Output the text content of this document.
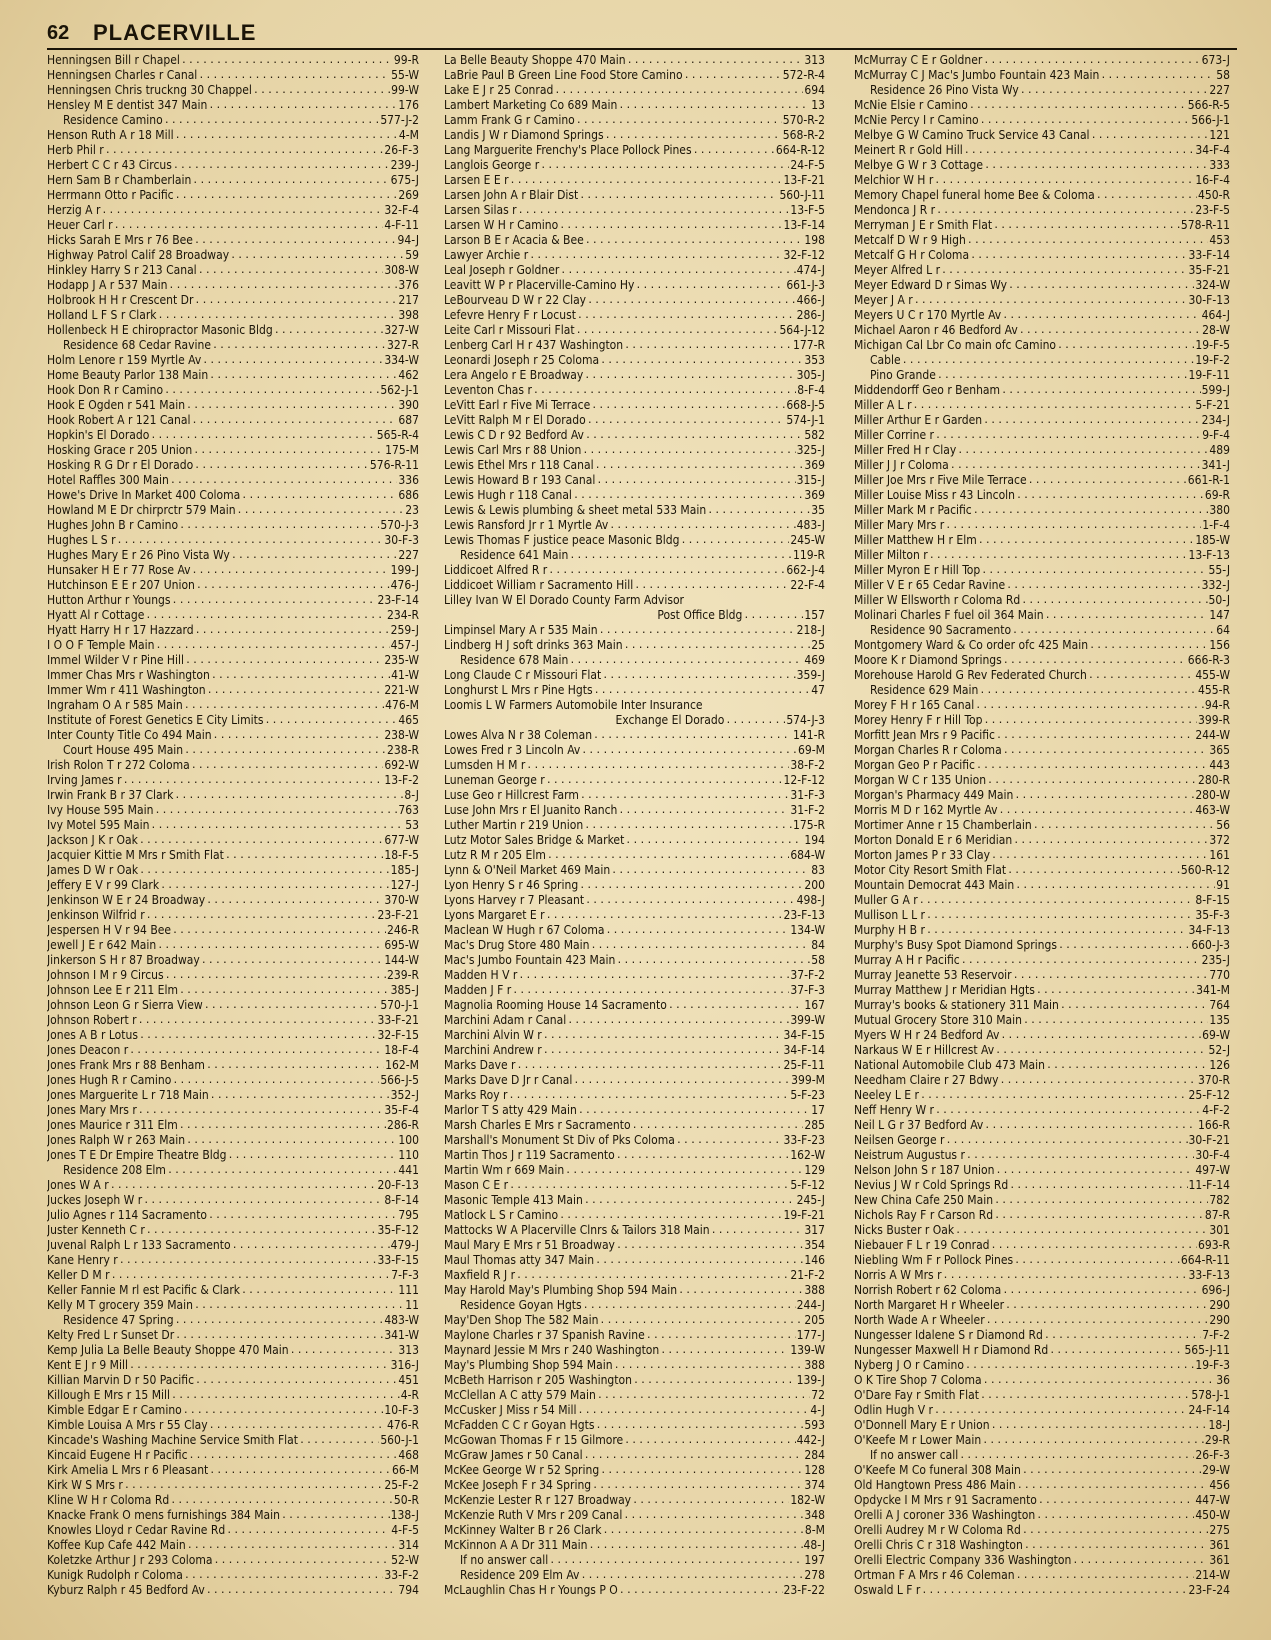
62 PLACERVILLE
Henningsen Bill r Chapel .....	99-R
Henningsen Charles r Canal .....	55-W
Henningsen Chris truckng 30 Chappel .....	99-W
Hensley M E dentist 347 Main .....	176
Residence Camino .....	577-J-2
Henson Ruth A r 18 Mill .....	4-M
Herb Phil r .....	26-F-3
Herbert C C r 43 Circus .....	239-J
Hern Sam B r Chamberlain .....	675-J
Herrmann Otto r Pacific .....	269
Herzig A r .....	32-F-4
Heuer Carl r .....	4-F-11
Hicks Sarah E Mrs r 76 Bee .....	94-J
Highway Patrol Calif 28 Broadway .....	59
Hinkley Harry S r 213 Canal .....	308-W
Hodapp J A r 537 Main .....	376
Holbrook H H r Crescent Dr .....	217
Holland L F S r Clark .....	398
Hollenbeck H E chiropractor Masonic Bldg .....	327-W
Residence 68 Cedar Ravine .....	327-R
Holm Lenore r 159 Myrtle Av .....	334-W
Home Beauty Parlor 138 Main .....	462
Hook Don R r Camino .....	562-J-1
Hook E Ogden r 541 Main .....	390
Hook Robert A r 121 Canal .....	687
Hopkin's El Dorado .....	565-R-4
Hosking Grace r 205 Union .....	175-M
Hosking R G Dr r El Dorado .....	576-R-11
Hotel Raffles 300 Main .....	336
Howe's Drive In Market 400 Coloma .....	686
Howland M E Dr chirprctr 579 Main .....	23
Hughes John B r Camino .....	570-J-3
Hughes L S r .....	30-F-3
Hughes Mary E r 26 Pino Vista Wy .....	227
Hunsaker H E r 77 Rose Av .....	199-J
Hutchinson E E r 207 Union .....	476-J
Hutton Arthur r Youngs .....	23-F-14
Hyatt Al r Cottage .....	234-R
Hyatt Harry H r 17 Hazzard .....	259-J
I O O F Temple Main .....	457-J
Immel Wilder V r Pine Hill .....	235-W
Immer Chas Mrs r Washington .....	41-W
Immer Wm r 411 Washington .....	221-W
Ingraham O A r 585 Main .....	476-M
Institute of Forest Genetics E City Limits .....	465
Inter County Title Co 494 Main .....	238-W
Court House 495 Main .....	238-R
Irish Rolon T r 272 Coloma .....	692-W
Irving James r .....	13-F-2
Irwin Frank B r 37 Clark .....	8-J
Ivy House 595 Main .....	763
Ivy Motel 595 Main .....	53
Jackson J K r Oak .....	677-W
Jacquier Kittie M Mrs r Smith Flat .....	18-F-5
James D W r Oak .....	185-J
Jeffery E V r 99 Clark .....	127-J
Jenkinson W E r 24 Broadway .....	370-W
Jenkinson Wilfrid r .....	23-F-21
Jespersen H V r 94 Bee .....	246-R
Jewell J E r 642 Main .....	695-W
Jinkerson S H r 87 Broadway .....	144-W
Johnson I M r 9 Circus .....	239-R
Johnson Lee E r 211 Elm .....	385-J
Johnson Leon G r Sierra View .....	570-J-1
Johnson Robert r .....	33-F-21
Jones A B r Lotus .....	32-F-15
Jones Deacon r .....	18-F-4
Jones Frank Mrs r 88 Benham .....	162-M
Jones Hugh R r Camino .....	566-J-5
Jones Marguerite L r 718 Main .....	352-J
Jones Mary Mrs r .....	35-F-4
Jones Maurice r 311 Elm .....	286-R
Jones Ralph W r 263 Main .....	100
Jones T E Dr Empire Theatre Bldg .....	110
Residence 208 Elm .....	441
Jones W A r .....	20-F-13
Juckes Joseph W r .....	8-F-14
Julio Agnes r 114 Sacramento .....	795
Juster Kenneth C r .....	35-F-12
Juvenal Ralph L r 133 Sacramento .....	479-J
Kane Henry r .....	33-F-15
Keller D M r .....	7-F-3
Keller Fannie M rl est Pacific & Clark .....	111
Kelly M T grocery 359 Main .....	11
Residence 47 Spring .....	483-W
Kelty Fred L r Sunset Dr .....	341-W
Kemp Julia La Belle Beauty Shoppe 470 Main .....	313
Kent E J r 9 Mill .....	316-J
Killian Marvin D r 50 Pacific .....	451
Killough E Mrs r 15 Mill .....	4-R
Kimble Edgar E r Camino .....	10-F-3
Kimble Louisa A Mrs r 55 Clay .....	476-R
Kincade's Washing Machine Service Smith Flat .....	560-J-1
Kincaid Eugene H r Pacific .....	468
Kirk Amelia L Mrs r 6 Pleasant .....	66-M
Kirk W S Mrs r .....	25-F-2
Kline W H r Coloma Rd .....	50-R
Knacke Frank O mens furnishings 384 Main .....	138-J
Knowles Lloyd r Cedar Ravine Rd .....	4-F-5
Koffee Kup Cafe 442 Main .....	314
Koletzke Arthur J r 293 Coloma .....	52-W
Kunigk Rudolph r Coloma .....	33-F-2
Kyburz Ralph r 45 Bedford Av .....	794
La Belle Beauty Shoppe 470 Main .....	313
LaBrie Paul B Green Line Food Store Camino .....	572-R-4
Lake E J r 25 Conrad .....	694
Lambert Marketing Co 689 Main .....	13
Lamm Frank G r Camino .....	570-R-2
Landis J W r Diamond Springs .....	568-R-2
Lang Marguerite Frenchy's Place Pollock Pines .....	664-R-12
Langlois George r .....	24-F-5
Larsen E E r .....	13-F-21
Larsen John A r Blair Dist .....	560-J-11
Larsen Silas r .....	13-F-5
Larsen W H r Camino .....	13-F-14
Larson B E r Acacia & Bee .....	198
Lawyer Archie r .....	32-F-12
Leal Joseph r Goldner .....	474-J
Leavitt W P r Placerville-Camino Hy .....	661-J-3
LeBourveau D W r 22 Clay .....	466-J
Lefevre Henry F r Locust .....	286-J
Leite Carl r Missouri Flat .....	564-J-12
Lenberg Carl H r 437 Washington .....	177-R
Leonardi Joseph r 25 Coloma .....	353
Lera Angelo r E Broadway .....	305-J
Leventon Chas r .....	8-F-4
LeVitt Earl r Five Mi Terrace .....	668-J-5
LeVitt Ralph M r El Dorado .....	574-J-1
Lewis C D r 92 Bedford Av .....	582
Lewis Carl Mrs r 88 Union .....	325-J
Lewis Ethel Mrs r 118 Canal .....	369
Lewis Howard B r 193 Canal .....	315-J
Lewis Hugh r 118 Canal .....	369
Lewis & Lewis plumbing & sheet metal 533 Main .....	35
Lewis Ransford Jr r 1 Myrtle Av .....	483-J
Lewis Thomas F justice peace Masonic Bldg .....	245-W
Residence 641 Main .....	119-R
Liddicoet Alfred R r .....	662-J-4
Liddicoet William r Sacramento Hill .....	22-F-4
Lilley Ivan W El Dorado County Farm Advisor
Post Office Bldg .....	157
Limpinsel Mary A r 535 Main .....	218-J
Lindberg H J soft drinks 363 Main .....	25
Residence 678 Main .....	469
Long Claude C r Missouri Flat .....	359-J
Longhurst L Mrs r Pine Hgts .....	47
Loomis L W Farmers Automobile Inter Insurance
Exchange El Dorado .....	574-J-3
Lowes Alva N r 38 Coleman .....	141-R
Lowes Fred r 3 Lincoln Av .....	69-M
Lumsden H M r .....	38-F-2
Luneman George r .....	12-F-12
Luse Geo r Hillcrest Farm .....	31-F-3
Luse John Mrs r El Juanito Ranch .....	31-F-2
Luther Martin r 219 Union .....	175-R
Lutz Motor Sales Bridge & Market .....	194
Lutz R M r 205 Elm .....	684-W
Lynn & O'Neil Market 469 Main .....	83
Lyon Henry S r 46 Spring .....	200
Lyons Harvey r 7 Pleasant .....	498-J
Lyons Margaret E r .....	23-F-13
Maclean W Hugh r 67 Coloma .....	134-W
Mac's Drug Store 480 Main .....	84
Mac's Jumbo Fountain 423 Main .....	58
Madden H V r .....	37-F-2
Madden J F r .....	37-F-3
Magnolia Rooming House 14 Sacramento .....	167
Marchini Adam r Canal .....	399-W
Marchini Alvin W r .....	34-F-15
Marchini Andrew r .....	34-F-14
Marks Dave r .....	25-F-11
Marks Dave D Jr r Canal .....	399-M
Marks Roy r .....	5-F-23
Marlor T S atty 429 Main .....	17
Marsh Charles E Mrs r Sacramento .....	285
Marshall's Monument St Div of Pks Coloma .....	33-F-23
Martin Thos J r 119 Sacramento .....	162-W
Martin Wm r 669 Main .....	129
Mason C E r .....	5-F-12
Masonic Temple 413 Main .....	245-J
Matlock L S r Camino .....	19-F-21
Mattocks W A Placerville Clnrs & Tailors 318 Main .....	317
Maul Mary E Mrs r 51 Broadway .....	354
Maul Thomas atty 347 Main .....	146
Maxfield R J r .....	21-F-2
May Harold May's Plumbing Shop 594 Main .....	388
Residence Goyan Hgts .....	244-J
May'Den Shop The 582 Main .....	205
Maylone Charles r 37 Spanish Ravine .....	177-J
Maynard Jessie M Mrs r 240 Washington .....	139-W
May's Plumbing Shop 594 Main .....	388
McBeth Harrison r 205 Washington .....	139-J
McClellan A C atty 579 Main .....	72
McCusker J Miss r 54 Mill .....	4-J
McFadden C C r Goyan Hgts .....	593
McGowan Thomas F r 15 Gilmore .....	442-J
McGraw James r 50 Canal .....	284
McKee George W r 52 Spring .....	128
McKee Joseph F r 34 Spring .....	374
McKenzie Lester R r 127 Broadway .....	182-W
McKenzie Ruth V Mrs r 209 Canal .....	348
McKinney Walter B r 26 Clark .....	8-M
McKinnon A A Dr 311 Main .....	48-J
If no answer call .....	197
Residence 209 Elm Av .....	278
McLaughlin Chas H r Youngs P O .....	23-F-22
McMurray C E r Goldner .....	673-J
McMurray C J Mac's Jumbo Fountain 423 Main .....	58
Residence 26 Pino Vista Wy .....	227
McNie Elsie r Camino .....	566-R-5
McNie Percy I r Camino .....	566-J-1
Melbye G W Camino Truck Service 43 Canal .....	121
Meinert R r Gold Hill .....	34-F-4
Melbye G W r 3 Cottage .....	333
Melchior W H r .....	16-F-4
Memory Chapel funeral home Bee & Coloma .....	450-R
Mendonca J R r .....	23-F-5
Merryman J E r Smith Flat .....	578-R-11
Metcalf D W r 9 High .....	453
Metcalf G H r Coloma .....	33-F-14
Meyer Alfred L r .....	35-F-21
Meyer Edward D r Simas Wy .....	324-W
Meyer J A r .....	30-F-13
Meyers U C r 170 Myrtle Av .....	464-J
Michael Aaron r 46 Bedford Av .....	28-W
Michigan Cal Lbr Co main ofc Camino .....	19-F-5
Cable .....	19-F-2
Pino Grande .....	19-F-11
Middendorff Geo r Benham .....	599-J
Miller A L r .....	5-F-21
Miller Arthur E r Garden .....	234-J
Miller Corrine r .....	9-F-4
Miller Fred H r Clay .....	489
Miller J J r Coloma .....	341-J
Miller Joe Mrs r Five Mile Terrace .....	661-R-1
Miller Louise Miss r 43 Lincoln .....	69-R
Miller Mark M r Pacific .....	380
Miller Mary Mrs r .....	1-F-4
Miller Matthew H r Elm .....	185-W
Miller Milton r .....	13-F-13
Miller Myron E r Hill Top .....	55-J
Miller V E r 65 Cedar Ravine .....	332-J
Miller W Ellsworth r Coloma Rd .....	50-J
Molinari Charles F fuel oil 364 Main .....	147
Residence 90 Sacramento .....	64
Montgomery Ward & Co order ofc 425 Main .....	156
Moore K r Diamond Springs .....	666-R-3
Morehouse Harold G Rev Federated Church .....	455-W
Residence 629 Main .....	455-R
Morey F H r 165 Canal .....	94-R
Morey Henry F r Hill Top .....	399-R
Morfitt Jean Mrs r 9 Pacific .....	244-W
Morgan Charles R r Coloma .....	365
Morgan Geo P r Pacific .....	443
Morgan W C r 135 Union .....	280-R
Morgan's Pharmacy 449 Main .....	280-W
Morris M D r 162 Myrtle Av .....	463-W
Mortimer Anne r 15 Chamberlain .....	56
Morton Donald E r 6 Meridian .....	372
Morton James P r 33 Clay .....	161
Motor City Resort Smith Flat .....	560-R-12
Mountain Democrat 443 Main .....	91
Muller G A r .....	8-F-15
Mullison L L r .....	35-F-3
Murphy H B r .....	34-F-13
Murphy's Busy Spot Diamond Springs .....	660-J-3
Murray A H r Pacific .....	235-J
Murray Jeanette 53 Reservoir .....	770
Murray Matthew J r Meridian Hgts .....	341-M
Murray's books & stationery 311 Main .....	764
Mutual Grocery Store 310 Main .....	135
Myers W H r 24 Bedford Av .....	69-W
Narkaus W E r Hillcrest Av .....	52-J
National Automobile Club 473 Main .....	126
Needham Claire r 27 Bdwy .....	370-R
Neeley L E r .....	25-F-12
Neff Henry W r .....	4-F-2
Neil L G r 37 Bedford Av .....	166-R
Neilsen George r .....	30-F-21
Neistrum Augustus r .....	30-F-4
Nelson John S r 187 Union .....	497-W
Nevius J W r Cold Springs Rd .....	11-F-14
New China Cafe 250 Main .....	782
Nichols Ray F r Carson Rd .....	87-R
Nicks Buster r Oak .....	301
Niebauer F L r 19 Conrad .....	693-R
Niebling Wm F r Pollock Pines .....	664-R-11
Norris A W Mrs r .....	33-F-13
Norrish Robert r 62 Coloma .....	696-J
North Margaret H r Wheeler .....	290
North Wade A r Wheeler .....	290
Nungesser Idalene S r Diamond Rd .....	7-F-2
Nungesser Maxwell H r Diamond Rd .....	565-J-11
Nyberg J O r Camino .....	19-F-3
O K Tire Shop 7 Coloma .....	36
O'Dare Fay r Smith Flat .....	578-J-1
Odlin Hugh V r .....	24-F-14
O'Donnell Mary E r Union .....	18-J
O'Keefe M r Lower Main .....	29-R
If no answer call .....	26-F-3
O'Keefe M Co funeral 308 Main .....	29-W
Old Hangtown Press 486 Main .....	456
Opdycke I M Mrs r 91 Sacramento .....	447-W
Orelli A J coroner 336 Washington .....	450-W
Orelli Audrey M r W Coloma Rd .....	275
Orelli Chris C r 318 Washington .....	361
Orelli Electric Company 336 Washington .....	361
Ortman F A Mrs r 46 Coleman .....	214-W
Oswald L F r .....	23-F-24
